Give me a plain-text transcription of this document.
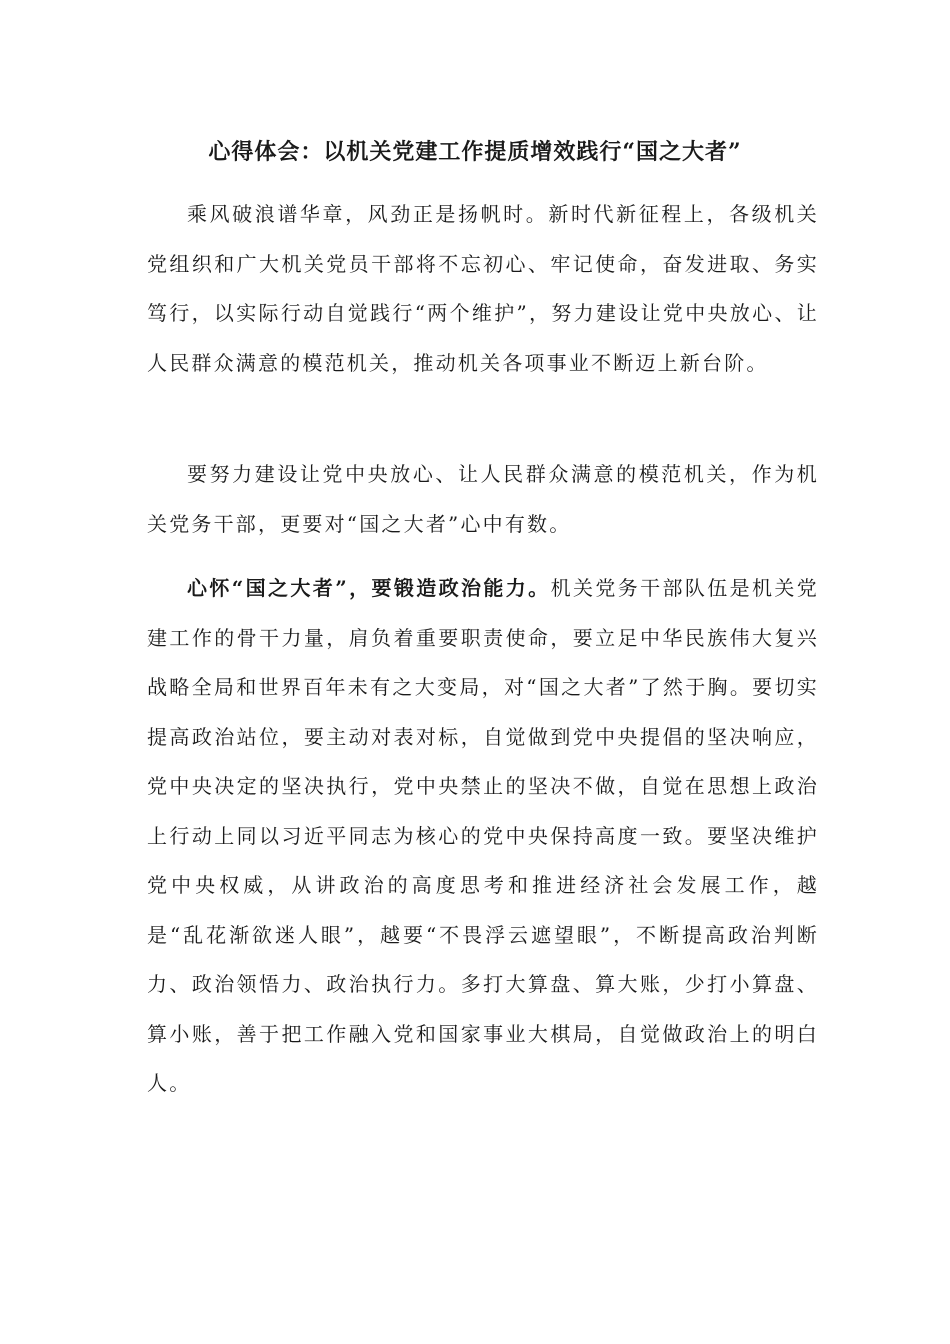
心得体会：以机关党建工作提质增效践行“国之大者”

乘风破浪谱华章，风劲正是扬帆时。新时代新征程上，各级机关党组织和广大机关党员干部将不忘初心、牢记使命，奋发进取、务实笃行，以实际行动自觉践行“两个维护”，努力建设让党中央放心、让人民群众满意的模范机关，推动机关各项事业不断迈上新台阶。

要努力建设让党中央放心、让人民群众满意的模范机关，作为机关党务干部，更要对“国之大者”心中有数。

心怀“国之大者”，要锻造政治能力。机关党务干部队伍是机关党建工作的骨干力量，肩负着重要职责使命，要立足中华民族伟大复兴战略全局和世界百年未有之大变局，对“国之大者”了然于胸。要切实提高政治站位，要主动对表对标，自觉做到党中央提倡的坚决响应，党中央决定的坚决执行，党中央禁止的坚决不做，自觉在思想上政治上行动上同以习近平同志为核心的党中央保持高度一致。要坚决维护党中央权威，从讲政治的高度思考和推进经济社会发展工作，越是“乱花渐欲迷人眼”，越要“不畏浮云遮望眼”，不断提高政治判断力、政治领悟力、政治执行力。多打大算盘、算大账，少打小算盘、算小账，善于把工作融入党和国家事业大棋局，自觉做政治上的明白人。
